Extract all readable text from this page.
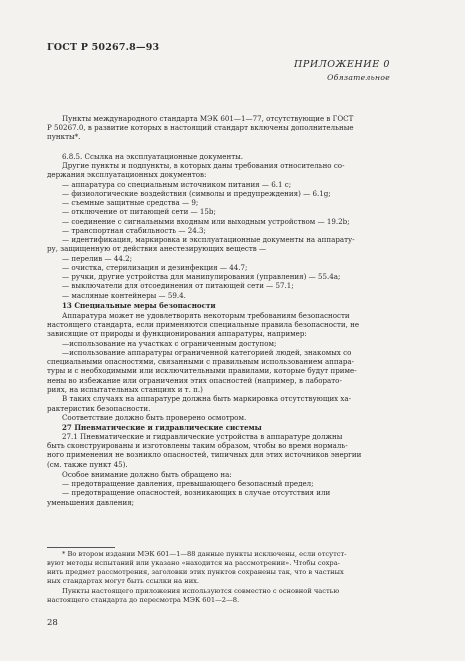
ГОСТ Р 50267.8—93
ПРИЛОЖЕНИЕ 0
Обязательное
Пункты международного стандарта МЭК 601—1—77, отсутствующие в ГОСТ
Р 50267.0, в развитие которых в настоящий стандарт включены дополнительные
пункты*.
6.8.5. Ссылка на эксплуатационные документы.
Другие пункты и подпункты, в которых даны требования относительно со-
держания эксплуатационных документов:
— аппаратура со специальным источником питания — 6.1 с;
— физиологические воздействия (символы и предупреждения) — 6.1g;
— съемные защитные средства — 9;
— отключение от питающей сети — 15b;
— соединение с сигнальными входным или выходным устройством — 19.2b;
— транспортная стабильность — 24.3;
— идентификация, маркировка и эксплуатационные документы на аппарату-
ру, защищенную от действия анестезирующих веществ —
— перелив — 44.2;
— очистка, стерилизация и дезинфекция — 44.7;
— ручки, другие устройства для манипулирования (управления) — 55.4а;
— выключатели для отсоединения от питающей сети — 57.1;
— масляные контейнеры — 59.4.
13 Специальные меры безопасности
Аппаратура может не удовлетворять некоторым требованиям безопасности
настоящего стандарта, если применяются специальные правила безопасности, не
зависящие от природы и функционирования аппаратуры, например:
—использование на участках с ограниченным доступом;
—использование аппаратуры ограниченной категорией людей, знакомых со
специальными опасностями, связанными с правильным использованием аппара-
туры и с необходимыми или исключительными правилами, которые будут приме-
нены во избежание или ограничения этих опасностей (например, в лаборато-
риях, на испытательных станциях и т. п.)
В таких случаях на аппаратуре должна быть маркировка отсутствующих ха-
рактеристик безопасности.
Соответствие должно быть проверено осмотром.
27 Пневматические и гидравлические системы
27.1 Пневматические и гидравлические устройства в аппаратуре должны
быть сконструированы и изготовлены таким образом, чтобы во время нормаль-
ного применения не возникло опасностей, типичных для этих источников энергии
(см. также пункт 45).
Особое внимание должно быть обращено на:
— предотвращение давления, превышающего безопасный предел;
— предотвращение опасностей, возникающих в случае отсутствия или
уменьшения давления;
* Во втором издании МЭК 601—1—88 данные пункты исключены, если отсутст-
вуют методы испытаний или указано «находится на рассмотрении». Чтобы сохра-
нить предмет рассмотрения, заголовки этих пунктов сохранены так, что в частных
ных стандартах могут быть ссылки на них.
Пункты настоящего приложения используются совместно с основной частью
настоящего стандарта до пересмотра МЭК 601—2—8.
28
